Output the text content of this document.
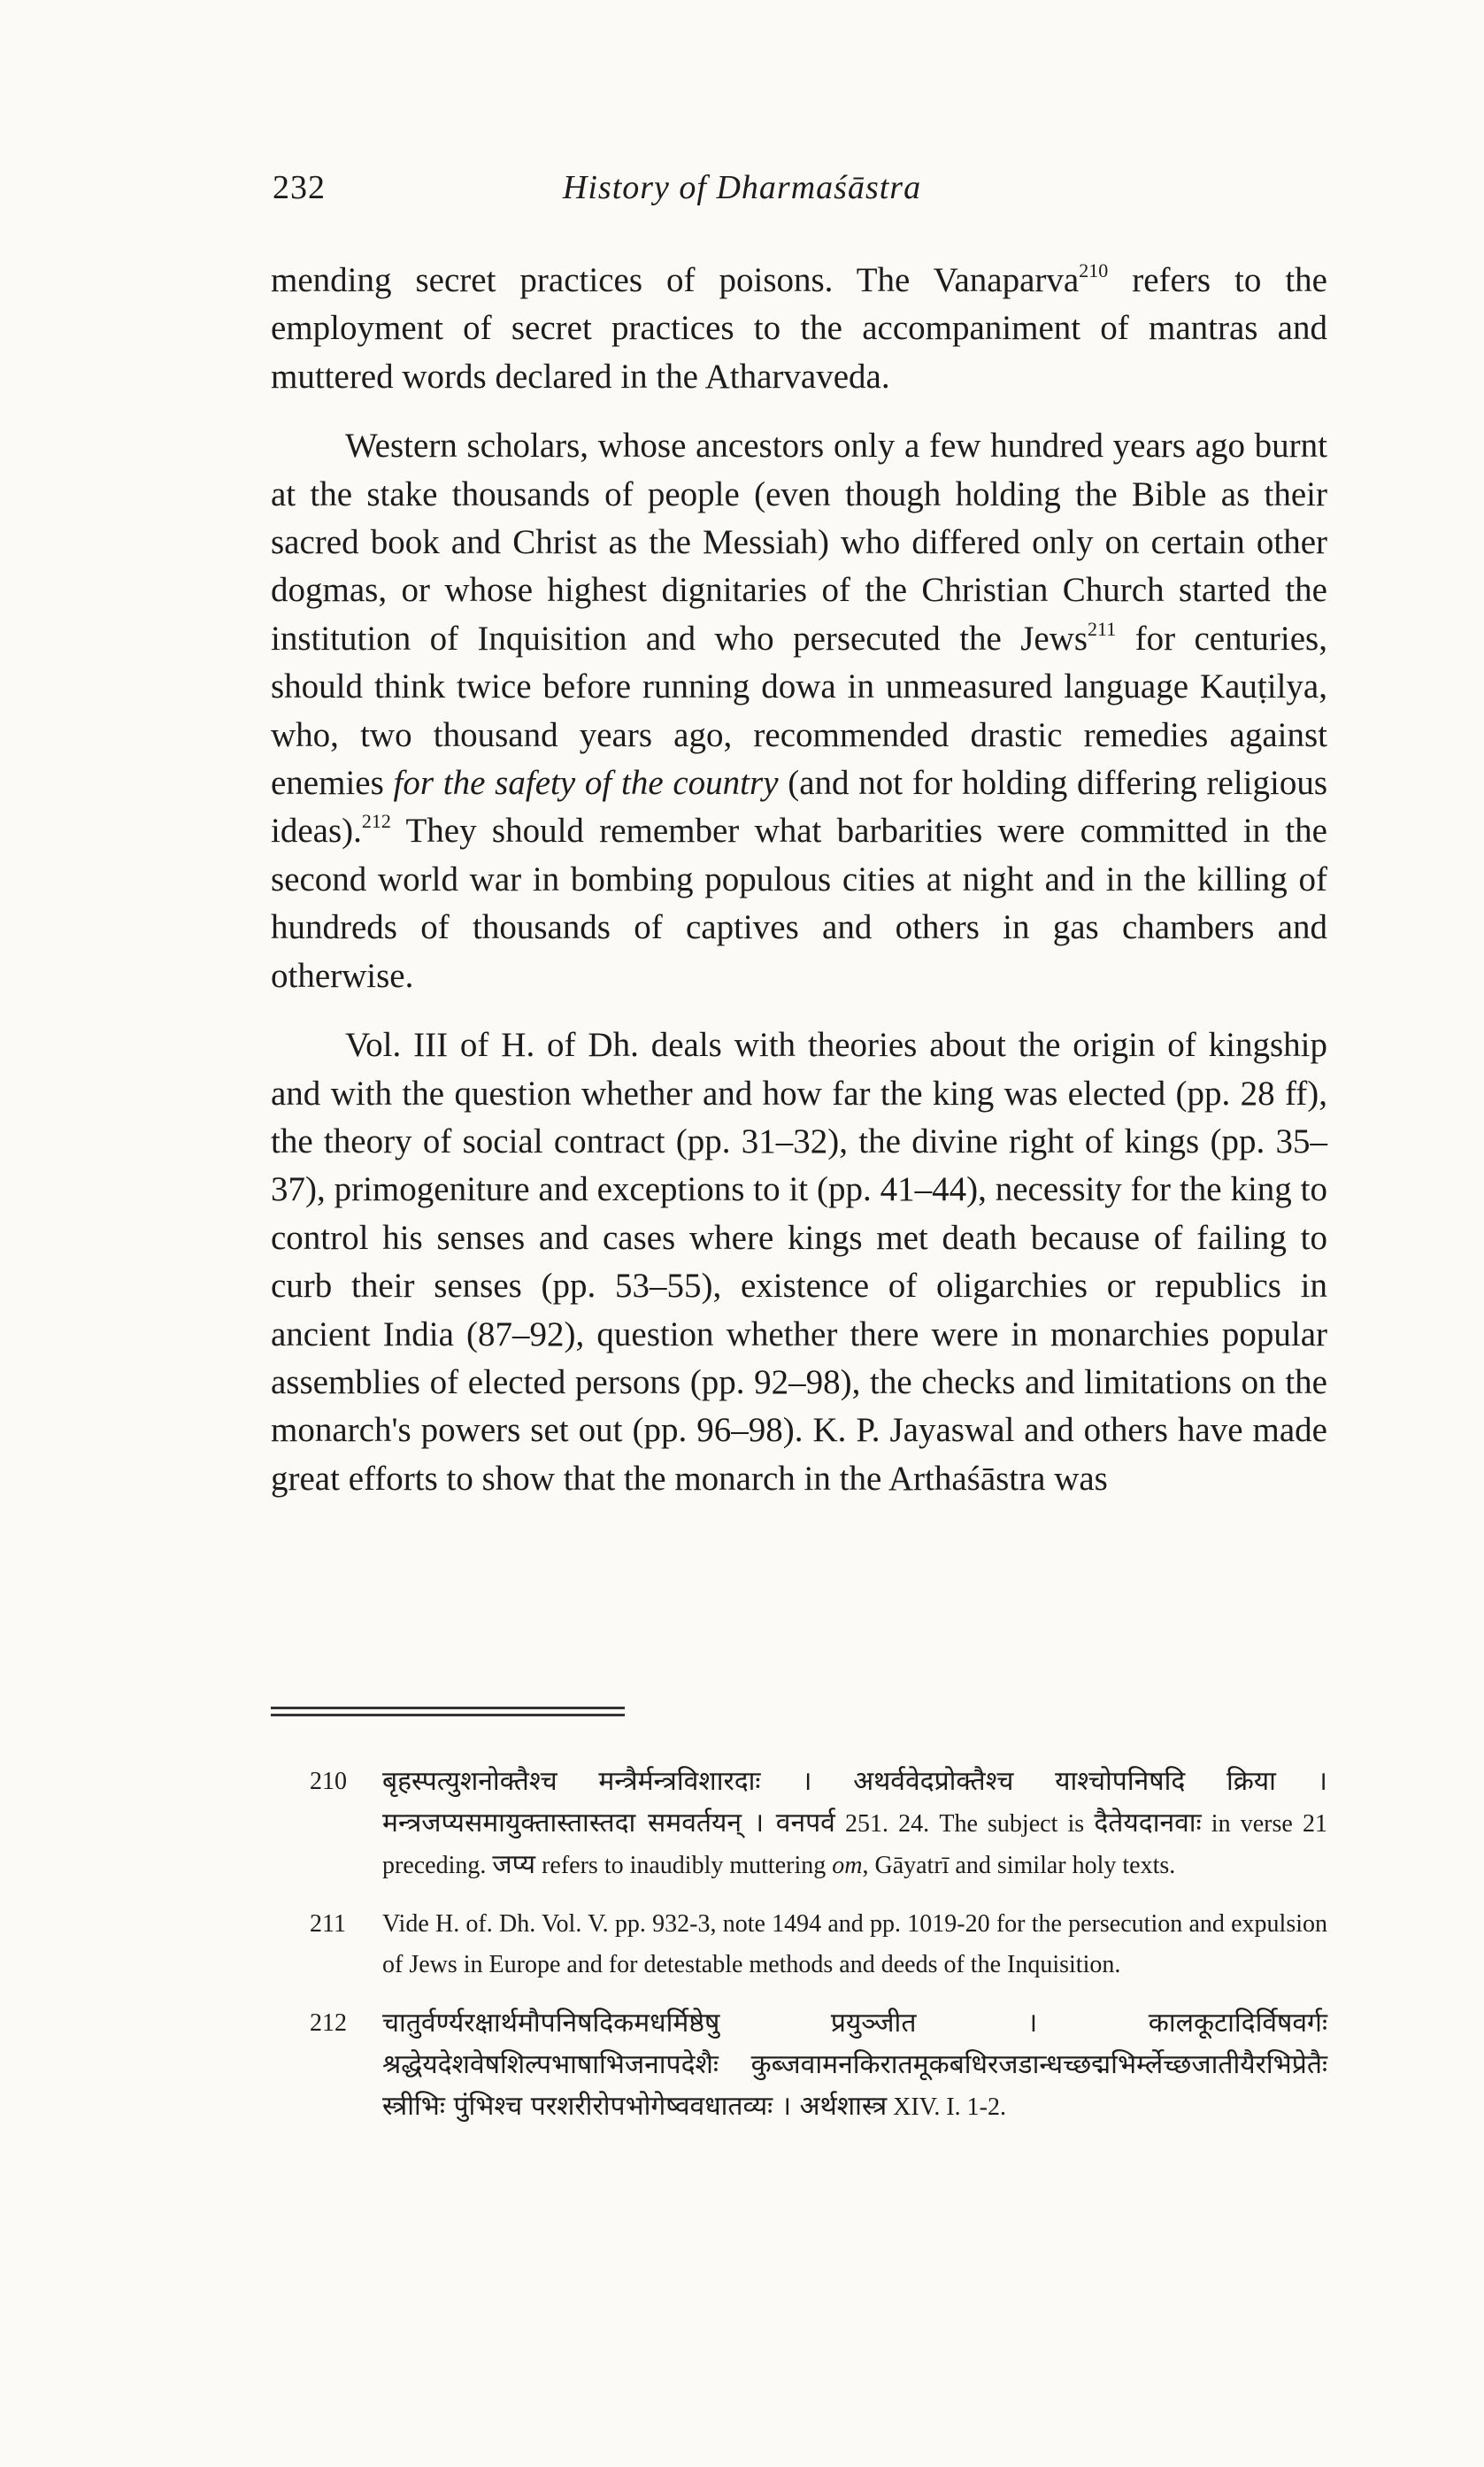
232	History of Dharmaśāstra

mending secret practices of poisons. The Vanaparva$^{210}$ refers to the employment of secret practices to the accompaniment of mantras and muttered words declared in the Atharvaveda.

Western scholars, whose ancestors only a few hundred years ago burnt at the stake thousands of people (even though holding the Bible as their sacred book and Christ as the Messiah) who differed only on certain other dogmas, or whose highest dignitaries of the Christian Church started the institution of Inquisition and who persecuted the Jews$^{211}$ for centuries, should think twice before running dowa in unmeasured language Kauṭilya, who, two thousand years ago, recommended drastic remedies against enemies for the safety of the country (and not for holding differing religious ideas).$^{212}$ They should remember what barbarities were committed in the second world war in bombing populous cities at night and in the killing of hundreds of thousands of captives and others in gas chambers and otherwise.

Vol. III of H. of Dh. deals with theories about the origin of kingship and with the question whether and how far the king was elected (pp. 28 ff), the theory of social contract (pp. 31–32), the divine right of kings (pp. 35–37), primogeniture and exceptions to it (pp. 41–44), necessity for the king to control his senses and cases where kings met death because of failing to curb their senses (pp. 53–55), existence of oligarchies or republics in ancient India (87–92), question whether there were in monarchies popular assemblies of elected persons (pp. 92–98), the checks and limitations on the monarch's powers set out (pp. 96–98). K. P. Jayaswal and others have made great efforts to show that the monarch in the Arthaśāstra was

210	बृहस्पत्युशनोक्तैश्च मन्त्रैर्मन्त्रविशारदाः । अथर्ववेदप्रोक्तैश्च याश्चोपनिषदि क्रिया । मन्त्रजप्यसमायुक्तास्तास्तदा समवर्तयन् । वनपर्व 251. 24. The subject is दैतेयदानवाः in verse 21 preceding. जप्य refers to inaudibly muttering om, Gāyatrī and similar holy texts.
211	Vide H. of. Dh. Vol. V. pp. 932-3, note 1494 and pp. 1019-20 for the persecution and expulsion of Jews in Europe and for detestable methods and deeds of the Inquisition.
212	चातुर्वर्ण्यरक्षार्थमौपनिषदिकमधर्मिष्ठेषु प्रयुञ्जीत । कालकूटादिर्विषवर्गः श्रद्धेयदेशवेषशिल्पभाषाभिजनापदेशैः कुब्जवामनकिरातमूकबधिरजडान्धच्छद्मभिर्म्लेच्छजातीयैरभिप्रेतैः स्त्रीभिः पुंभिश्च परशरीरोपभोगेष्ववधातव्यः । अर्थशास्त्र XIV. I. 1-2.
